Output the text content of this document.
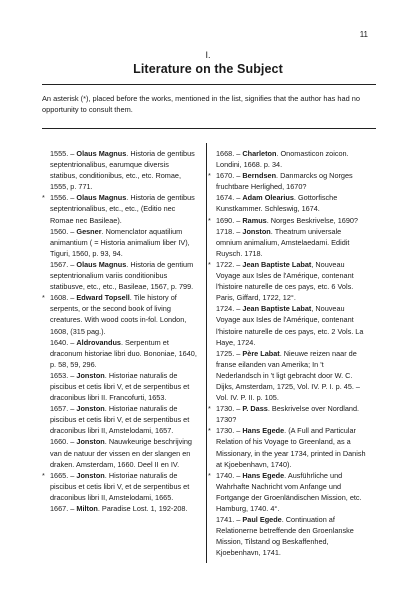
11
I.
Literature on the Subject
An asterisk (*), placed before the works, mentioned in the list, signifies that the author has had no opportunity to consult them.
1555. – Olaus Magnus. Historia de gentibus septentrionalibus, earumque diversis statibus, conditionibus, etc., etc. Romae, 1555, p. 771.
* 1556. – Olaus Magnus. Historia de gentibus septentrionalibus, etc., etc., (Editio nec Romae nec Basileae).
1560. – Gesner. Nomenclator aquatilium animantium ( = Historia animalium liber IV), Tiguri, 1560, p. 93, 94.
1567. – Olaus Magnus. Historia de gentium septentrionalium variis conditionibus statibusve, etc., etc., Basileae, 1567, p. 799.
* 1608. – Edward Topsell. Tile history of serpents, or the second book of living creatures. With wood coots in-fol. London, 1608, (315 pag.).
1640. – Aldrovandus. Serpentum et draconum historiae libri duo. Bononiae, 1640, p. 58, 59, 296.
1653. – Jonston. Historiae naturalis de piscibus et cetis libri V, et de serpentibus et draconibus libri II. Francofurti, 1653.
1657. – Jonston. Historiae naturalis de piscibus et cetis libri V, et de serpentibus et draconibus libri II, Amstelodami, 1657.
1660. – Jonston. Nauwkeurige beschrijving van de natuur der vissen en der slangen en draken. Amsterdam, 1660. Deel II en IV.
* 1665. – Jonston. Historiae naturalis de piscibus et cetis libri V, et de serpentibus et draconibus libri II, Amstelodami, 1665.
1667. – Milton. Paradise Lost. 1, 192-208.
1668. – Charleton. Onomasticon zoicon. Londini, 1668. p. 34.
* 1670. – Berndsen. Danmarcks og Norges fruchtbare Herlighed, 1670?
1674. – Adam Olearius. Gottorfische Kunstkammer. Schleswig, 1674.
* 1690. – Ramus. Norges Beskrivelse, 1690?
1718. – Jonston. Theatrum universale omnium animalium, Amstelaedami. Edidit Ruysch. 1718.
* 1722. – Jean Baptiste Labat, Nouveau Voyage aux Isles de l'Amérique, contenant l'histoire naturelle de ces pays, etc. 6 Vols. Paris, Giffard, 1722, 12°.
1724. – Jean Baptiste Labat, Nouveau Voyage aux Isles de l'Amérique, contenant l'histoire naturelle de ces pays, etc. 2 Vols. La Haye, 1724.
1725. – Père Labat. Nieuwe reizen naar de franse eilanden van Amerika; In 't Nederlandsch in 't ligt gebracht door W. C. Dijks, Amsterdam, 1725, Vol. IV. P. I. p. 45. – Vol. IV. P. II. p. 105.
* 1730. – P. Dass. Beskrivelse over Nordland. 1730?
* 1730. – Hans Egede. (A Full and Particular Relation of his Voyage to Greenland, as a Missionary, in the year 1734, printed in Danish at Kjoebenhavn, 1740).
* 1740. – Hans Egede. Ausführliche und Wahrhafte Nachricht vom Anfange und Fortgange der Groenländischen Mission, etc. Hamburg, 1740. 4°.
1741. – Paul Egede. Continuation af Relationerne betreffende den Groenlanske Mission, Tilstand og Beskaffenhed, Kjoebenhavn, 1741.
